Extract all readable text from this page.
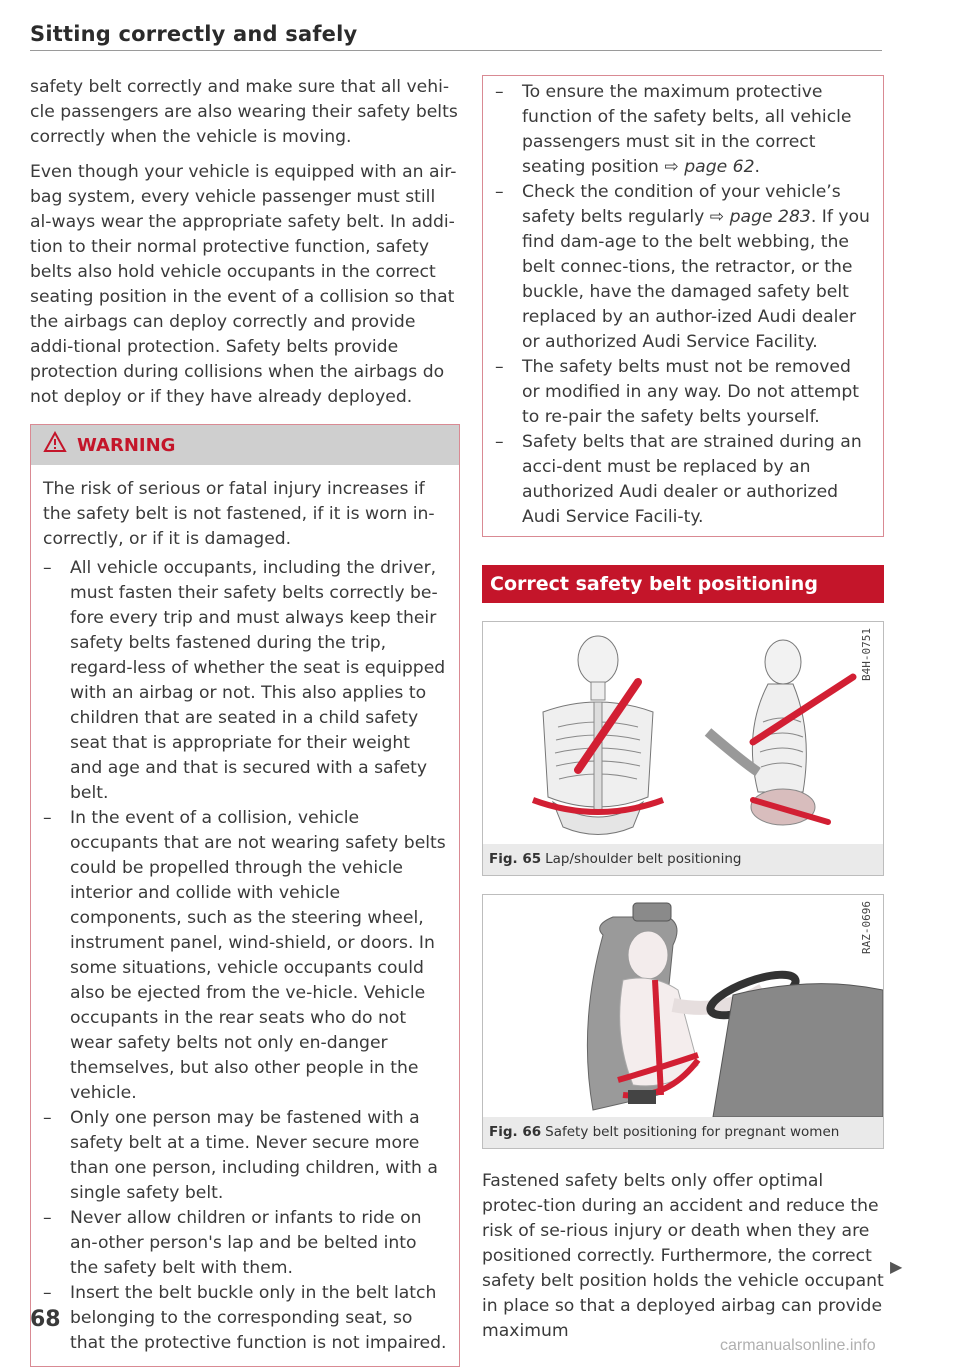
Sitting correctly and safely

safety belt correctly and make sure that all vehi-cle passengers are also wearing their safety belts correctly when the vehicle is moving.

Even though your vehicle is equipped with an air-bag system, every vehicle passenger must still al-ways wear the appropriate safety belt. In addi-tion to their normal protective function, safety belts also hold vehicle occupants in the correct seating position in the event of a collision so that the airbags can deploy correctly and provide addi-tional protection. Safety belts provide protection during collisions when the airbags do not deploy or if they have already deployed.

WARNING

The risk of serious or fatal injury increases if the safety belt is not fastened, if it is worn in-correctly, or if it is damaged.

– All vehicle occupants, including the driver, must fasten their safety belts correctly be-fore every trip and must always keep their safety belts fastened during the trip, regard-less of whether the seat is equipped with an airbag or not. This also applies to children that are seated in a child safety seat that is appropriate for their weight and age and that is secured with a safety belt.
– In the event of a collision, vehicle occupants that are not wearing safety belts could be propelled through the vehicle interior and collide with vehicle components, such as the steering wheel, instrument panel, wind-shield, or doors. In some situations, vehicle occupants could also be ejected from the ve-hicle. Vehicle occupants in the rear seats who do not wear safety belts not only en-danger themselves, but also other people in the vehicle.
– Only one person may be fastened with a safety belt at a time. Never secure more than one person, including children, with a single safety belt.
– Never allow children or infants to ride on an-other person's lap and be belted into the safety belt with them.
– Insert the belt buckle only in the belt latch belonging to the corresponding seat, so that the protective function is not impaired.
– To ensure the maximum protective function of the safety belts, all vehicle passengers must sit in the correct seating position ⇨ page 62.
– Check the condition of your vehicle’s safety belts regularly ⇨ page 283. If you find dam-age to the belt webbing, the belt connec-tions, the retractor, or the buckle, have the damaged safety belt replaced by an author-ized Audi dealer or authorized Audi Service Facility.
– The safety belts must not be removed or modified in any way. Do not attempt to re-pair the safety belts yourself.
– Safety belts that are strained during an acci-dent must be replaced by an authorized Audi dealer or authorized Audi Service Facili-ty.
Correct safety belt positioning
B4H-0751
Fig. 65 Lap/shoulder belt positioning
RAZ-0696
Fig. 66 Safety belt positioning for pregnant women

Fastened safety belts only offer optimal protec-tion during an accident and reduce the risk of se-rious injury or death when they are positioned correctly. Furthermore, the correct safety belt position holds the vehicle occupant in place so that a deployed airbag can provide maximum

▶
68
carmanualsonline.info
